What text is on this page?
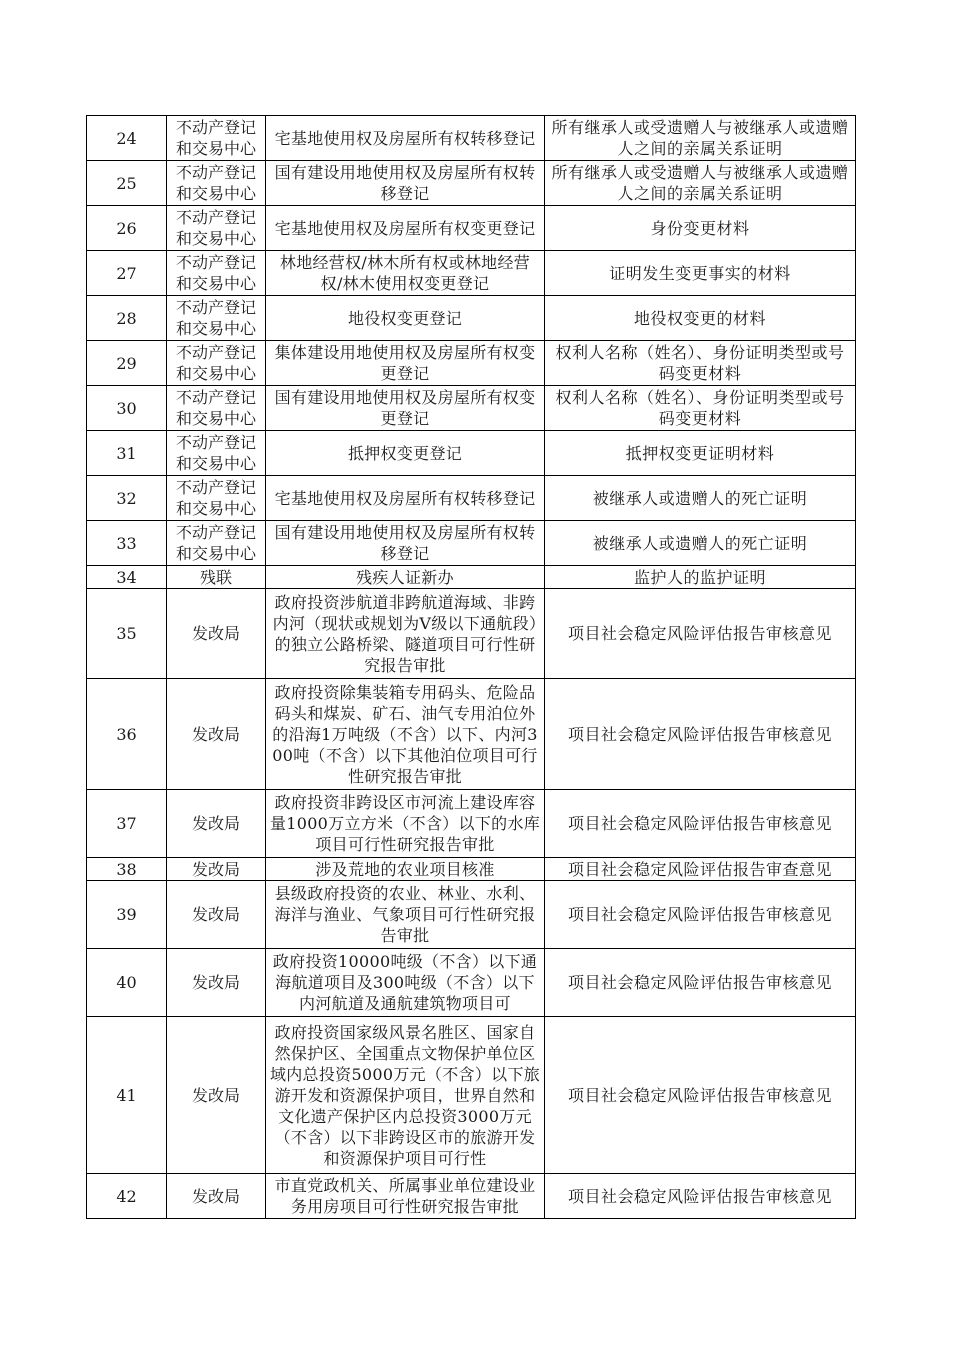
24	不动产登记和交易中心	宅基地使用权及房屋所有权转移登记	所有继承人或受遗赠人与被继承人或遗赠人之间的亲属关系证明
25	不动产登记和交易中心	国有建设用地使用权及房屋所有权转移登记	所有继承人或受遗赠人与被继承人或遗赠人之间的亲属关系证明
26	不动产登记和交易中心	宅基地使用权及房屋所有权变更登记	身份变更材料
27	不动产登记和交易中心	林地经营权/林木所有权或林地经营权/林木使用权变更登记	证明发生变更事实的材料
28	不动产登记和交易中心	地役权变更登记	地役权变更的材料
29	不动产登记和交易中心	集体建设用地使用权及房屋所有权变更登记	权利人名称（姓名）、身份证明类型或号码变更材料
30	不动产登记和交易中心	国有建设用地使用权及房屋所有权变更登记	权利人名称（姓名）、身份证明类型或号码变更材料
31	不动产登记和交易中心	抵押权变更登记	抵押权变更证明材料
32	不动产登记和交易中心	宅基地使用权及房屋所有权转移登记	被继承人或遗赠人的死亡证明
33	不动产登记和交易中心	国有建设用地使用权及房屋所有权转移登记	被继承人或遗赠人的死亡证明
34	残联	残疾人证新办	监护人的监护证明
35	发改局	政府投资涉航道非跨航道海域、非跨内河（现状或规划为V级以下通航段）的独立公路桥梁、隧道项目可行性研究报告审批	项目社会稳定风险评估报告审核意见
36	发改局	政府投资除集装箱专用码头、危险品码头和煤炭、矿石、油气专用泊位外的沿海1万吨级（不含）以下、内河300吨（不含）以下其他泊位项目可行性研究报告审批	项目社会稳定风险评估报告审核意见
37	发改局	政府投资非跨设区市河流上建设库容量1000万立方米（不含）以下的水库项目可行性研究报告审批	项目社会稳定风险评估报告审核意见
38	发改局	涉及荒地的农业项目核准	项目社会稳定风险评估报告审查意见
39	发改局	县级政府投资的农业、林业、水利、海洋与渔业、气象项目可行性研究报告审批	项目社会稳定风险评估报告审核意见
40	发改局	政府投资10000吨级（不含）以下通海航道项目及300吨级（不含）以下内河航道及通航建筑物项目可	项目社会稳定风险评估报告审核意见
41	发改局	政府投资国家级风景名胜区、国家自然保护区、全国重点文物保护单位区域内总投资5000万元（不含）以下旅游开发和资源保护项目，世界自然和文化遗产保护区内总投资3000万元（不含）以下非跨设区市的旅游开发和资源保护项目可行性	项目社会稳定风险评估报告审核意见
42	发改局	市直党政机关、所属事业单位建设业务用房项目可行性研究报告审批	项目社会稳定风险评估报告审核意见
